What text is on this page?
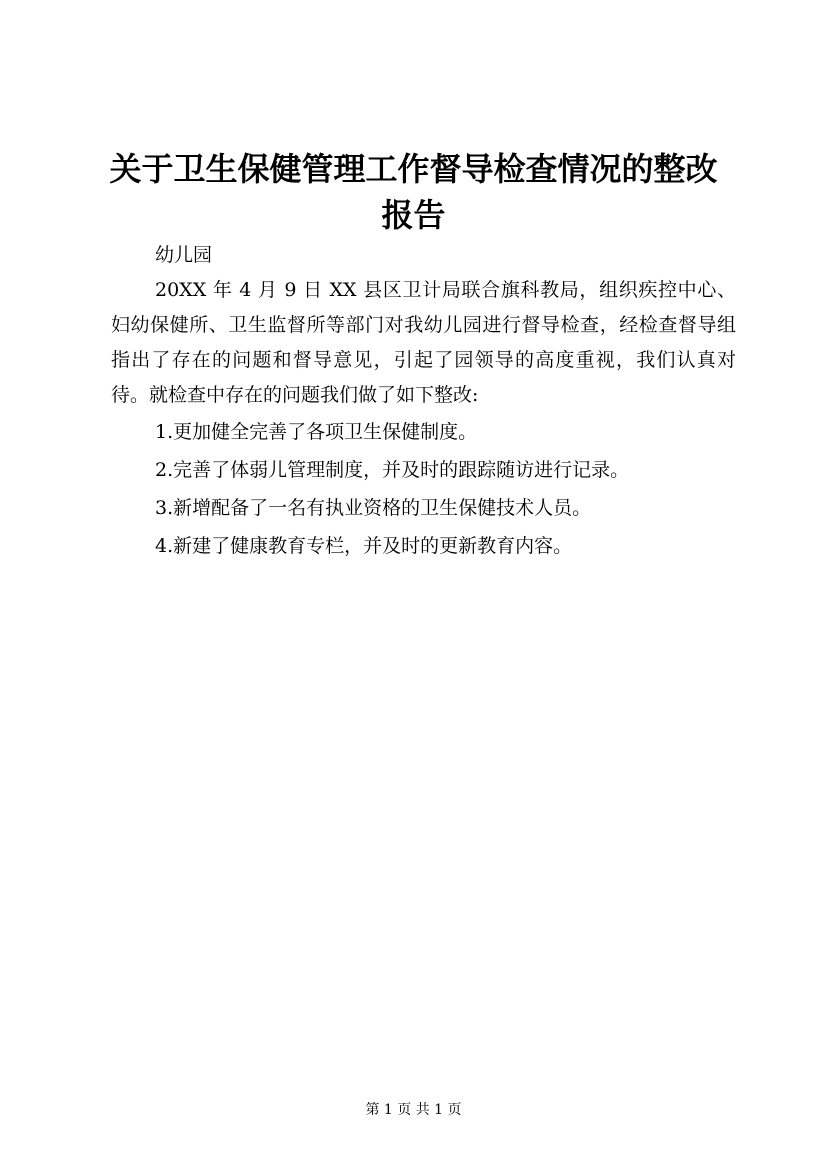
关于卫生保健管理工作督导检查情况的整改报告

幼儿园

20XX 年 4 月 9 日 XX 县区卫计局联合旗科教局，组织疾控中心、妇幼保健所、卫生监督所等部门对我幼儿园进行督导检查，经检查督导组指出了存在的问题和督导意见，引起了园领导的高度重视，我们认真对待。就检查中存在的问题我们做了如下整改:

1.更加健全完善了各项卫生保健制度。
2.完善了体弱儿管理制度，并及时的跟踪随访进行记录。
3.新增配备了一名有执业资格的卫生保健技术人员。
4.新建了健康教育专栏，并及时的更新教育内容。
第 1 页 共 1 页
